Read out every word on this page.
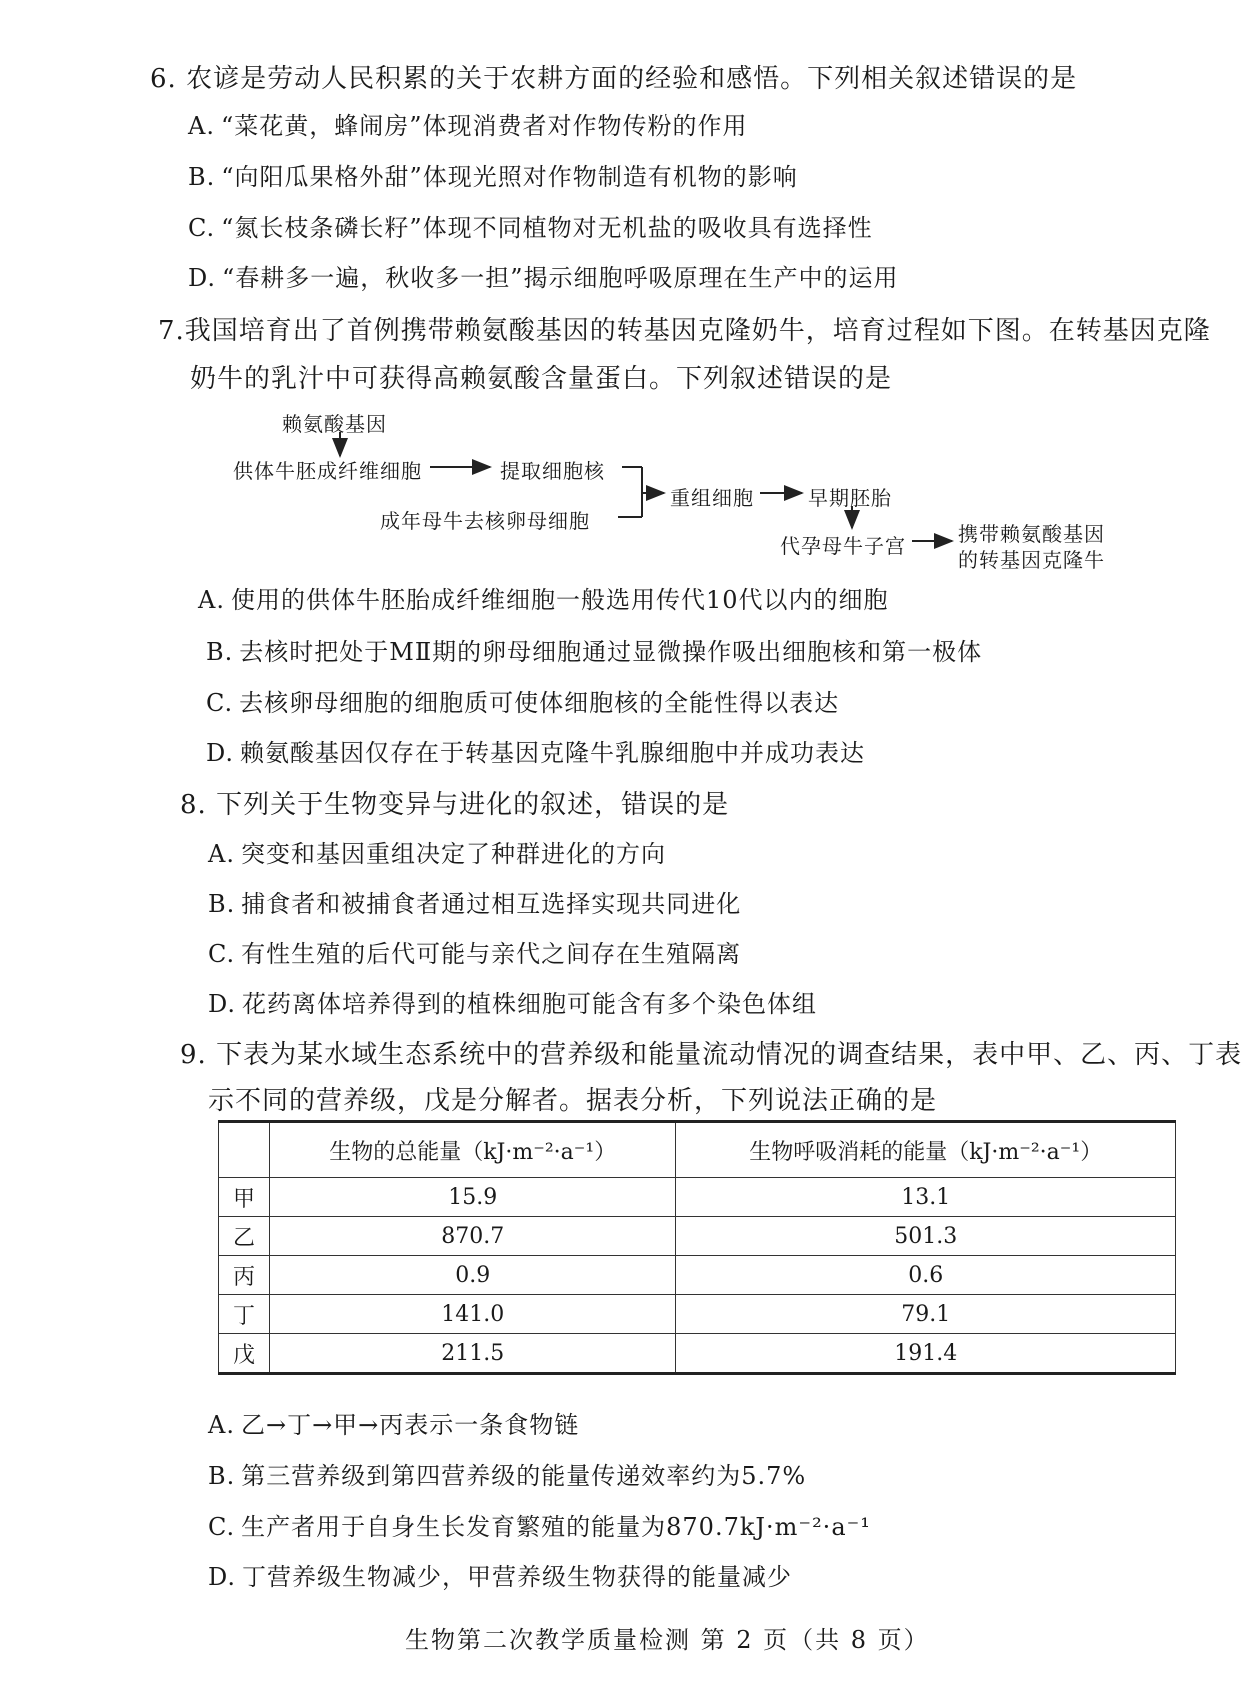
6. 农谚是劳动人民积累的关于农耕方面的经验和感悟。下列相关叙述错误的是
A. “菜花黄，蜂闹房”体现消费者对作物传粉的作用
B. “向阳瓜果格外甜”体现光照对作物制造有机物的影响
C. “氮长枝条磷长籽”体现不同植物对无机盐的吸收具有选择性
D. “春耕多一遍，秋收多一担”揭示细胞呼吸原理在生产中的运用
7.我国培育出了首例携带赖氨酸基因的转基因克隆奶牛，培育过程如下图。在转基因克隆
奶牛的乳汁中可获得高赖氨酸含量蛋白。下列叙述错误的是
赖氨酸基因
供体牛胚成纤维细胞	提取细胞核
成年母牛去核卵母细胞
重组细胞	早期胚胎
代孕母牛子宫	携带赖氨酸基因
的转基因克隆牛
A. 使用的供体牛胚胎成纤维细胞一般选用传代10代以内的细胞
B. 去核时把处于MⅡ期的卵母细胞通过显微操作吸出细胞核和第一极体
C. 去核卵母细胞的细胞质可使体细胞核的全能性得以表达
D. 赖氨酸基因仅存在于转基因克隆牛乳腺细胞中并成功表达
8. 下列关于生物变异与进化的叙述，错误的是
A. 突变和基因重组决定了种群进化的方向
B. 捕食者和被捕食者通过相互选择实现共同进化
C. 有性生殖的后代可能与亲代之间存在生殖隔离
D. 花药离体培养得到的植株细胞可能含有多个染色体组
9. 下表为某水域生态系统中的营养级和能量流动情况的调查结果，表中甲、乙、丙、丁表
示不同的营养级，戊是分解者。据表分析，下列说法正确的是
	生物的总能量（kJ·m⁻²·a⁻¹）	生物呼吸消耗的能量（kJ·m⁻²·a⁻¹）
甲	15.9	13.1
乙	870.7	501.3
丙	0.9	0.6
丁	141.0	79.1
戊	211.5	191.4
A. 乙→丁→甲→丙表示一条食物链
B. 第三营养级到第四营养级的能量传递效率约为5.7%
C. 生产者用于自身生长发育繁殖的能量为870.7kJ·m⁻²·a⁻¹
D. 丁营养级生物减少，甲营养级生物获得的能量减少
生物第二次教学质量检测 第 2 页（共 8 页）
